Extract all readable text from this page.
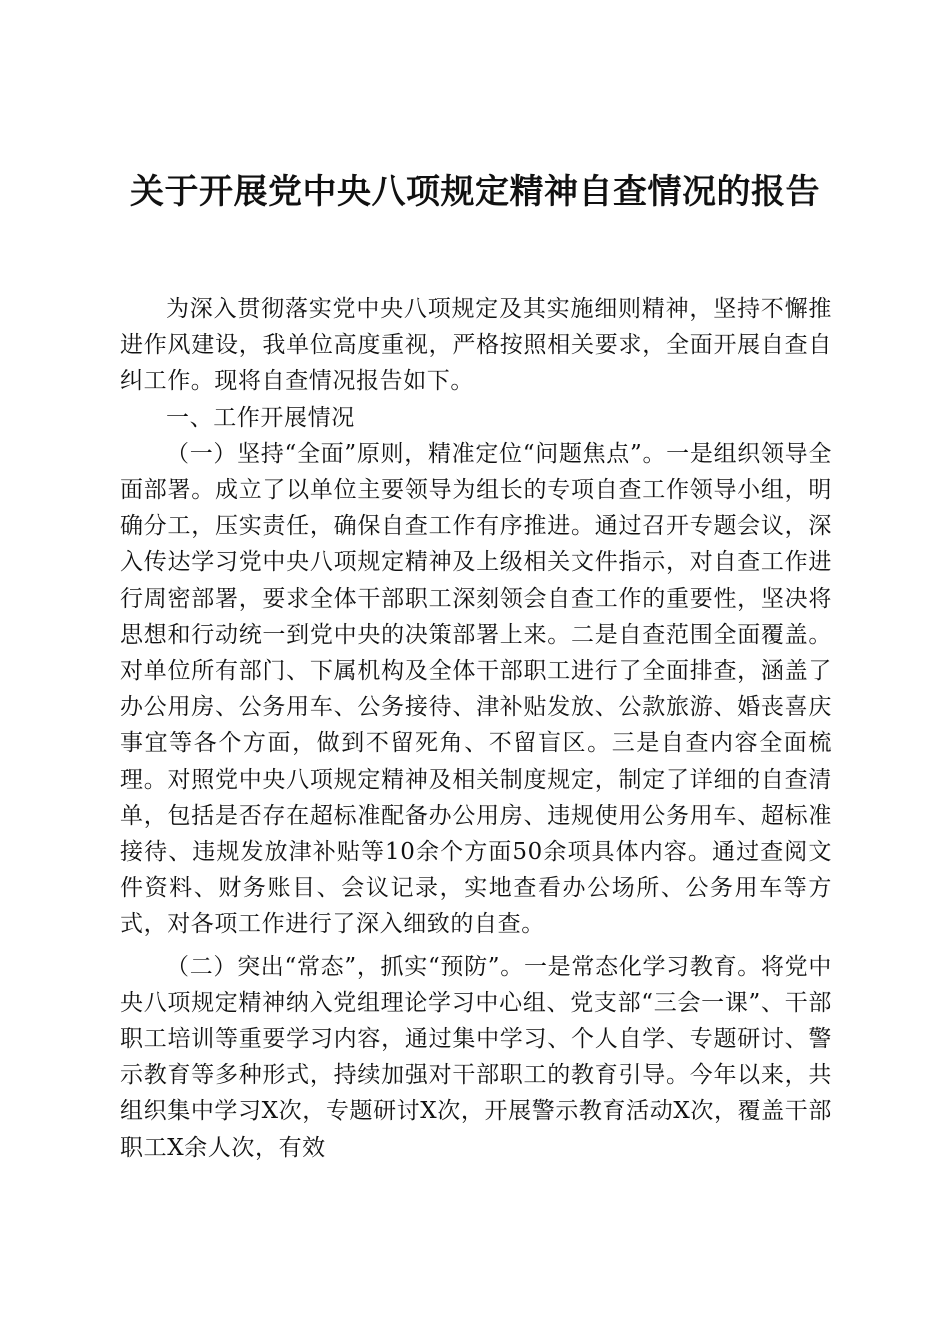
关于开展党中央八项规定精神自查情况的报告

为深入贯彻落实党中央八项规定及其实施细则精神，坚持不懈推进作风建设，我单位高度重视，严格按照相关要求，全面开展自查自纠工作。现将自查情况报告如下。

一、工作开展情况

（一）坚持“全面”原则，精准定位“问题焦点”。一是组织领导全面部署。成立了以单位主要领导为组长的专项自查工作领导小组，明确分工，压实责任，确保自查工作有序推进。通过召开专题会议，深入传达学习党中央八项规定精神及上级相关文件指示，对自查工作进行周密部署，要求全体干部职工深刻领会自查工作的重要性，坚决将思想和行动统一到党中央的决策部署上来。二是自查范围全面覆盖。对单位所有部门、下属机构及全体干部职工进行了全面排查，涵盖了办公用房、公务用车、公务接待、津补贴发放、公款旅游、婚丧喜庆事宜等各个方面，做到不留死角、不留盲区。三是自查内容全面梳理。对照党中央八项规定精神及相关制度规定，制定了详细的自查清单，包括是否存在超标准配备办公用房、违规使用公务用车、超标准接待、违规发放津补贴等10余个方面50余项具体内容。通过查阅文件资料、财务账目、会议记录，实地查看办公场所、公务用车等方式，对各项工作进行了深入细致的自查。

（二）突出“常态”，抓实“预防”。一是常态化学习教育。将党中央八项规定精神纳入党组理论学习中心组、党支部“三会一课”、干部职工培训等重要学习内容，通过集中学习、个人自学、专题研讨、警示教育等多种形式，持续加强对干部职工的教育引导。今年以来，共组织集中学习X次，专题研讨X次，开展警示教育活动X次，覆盖干部职工X余人次，有效
